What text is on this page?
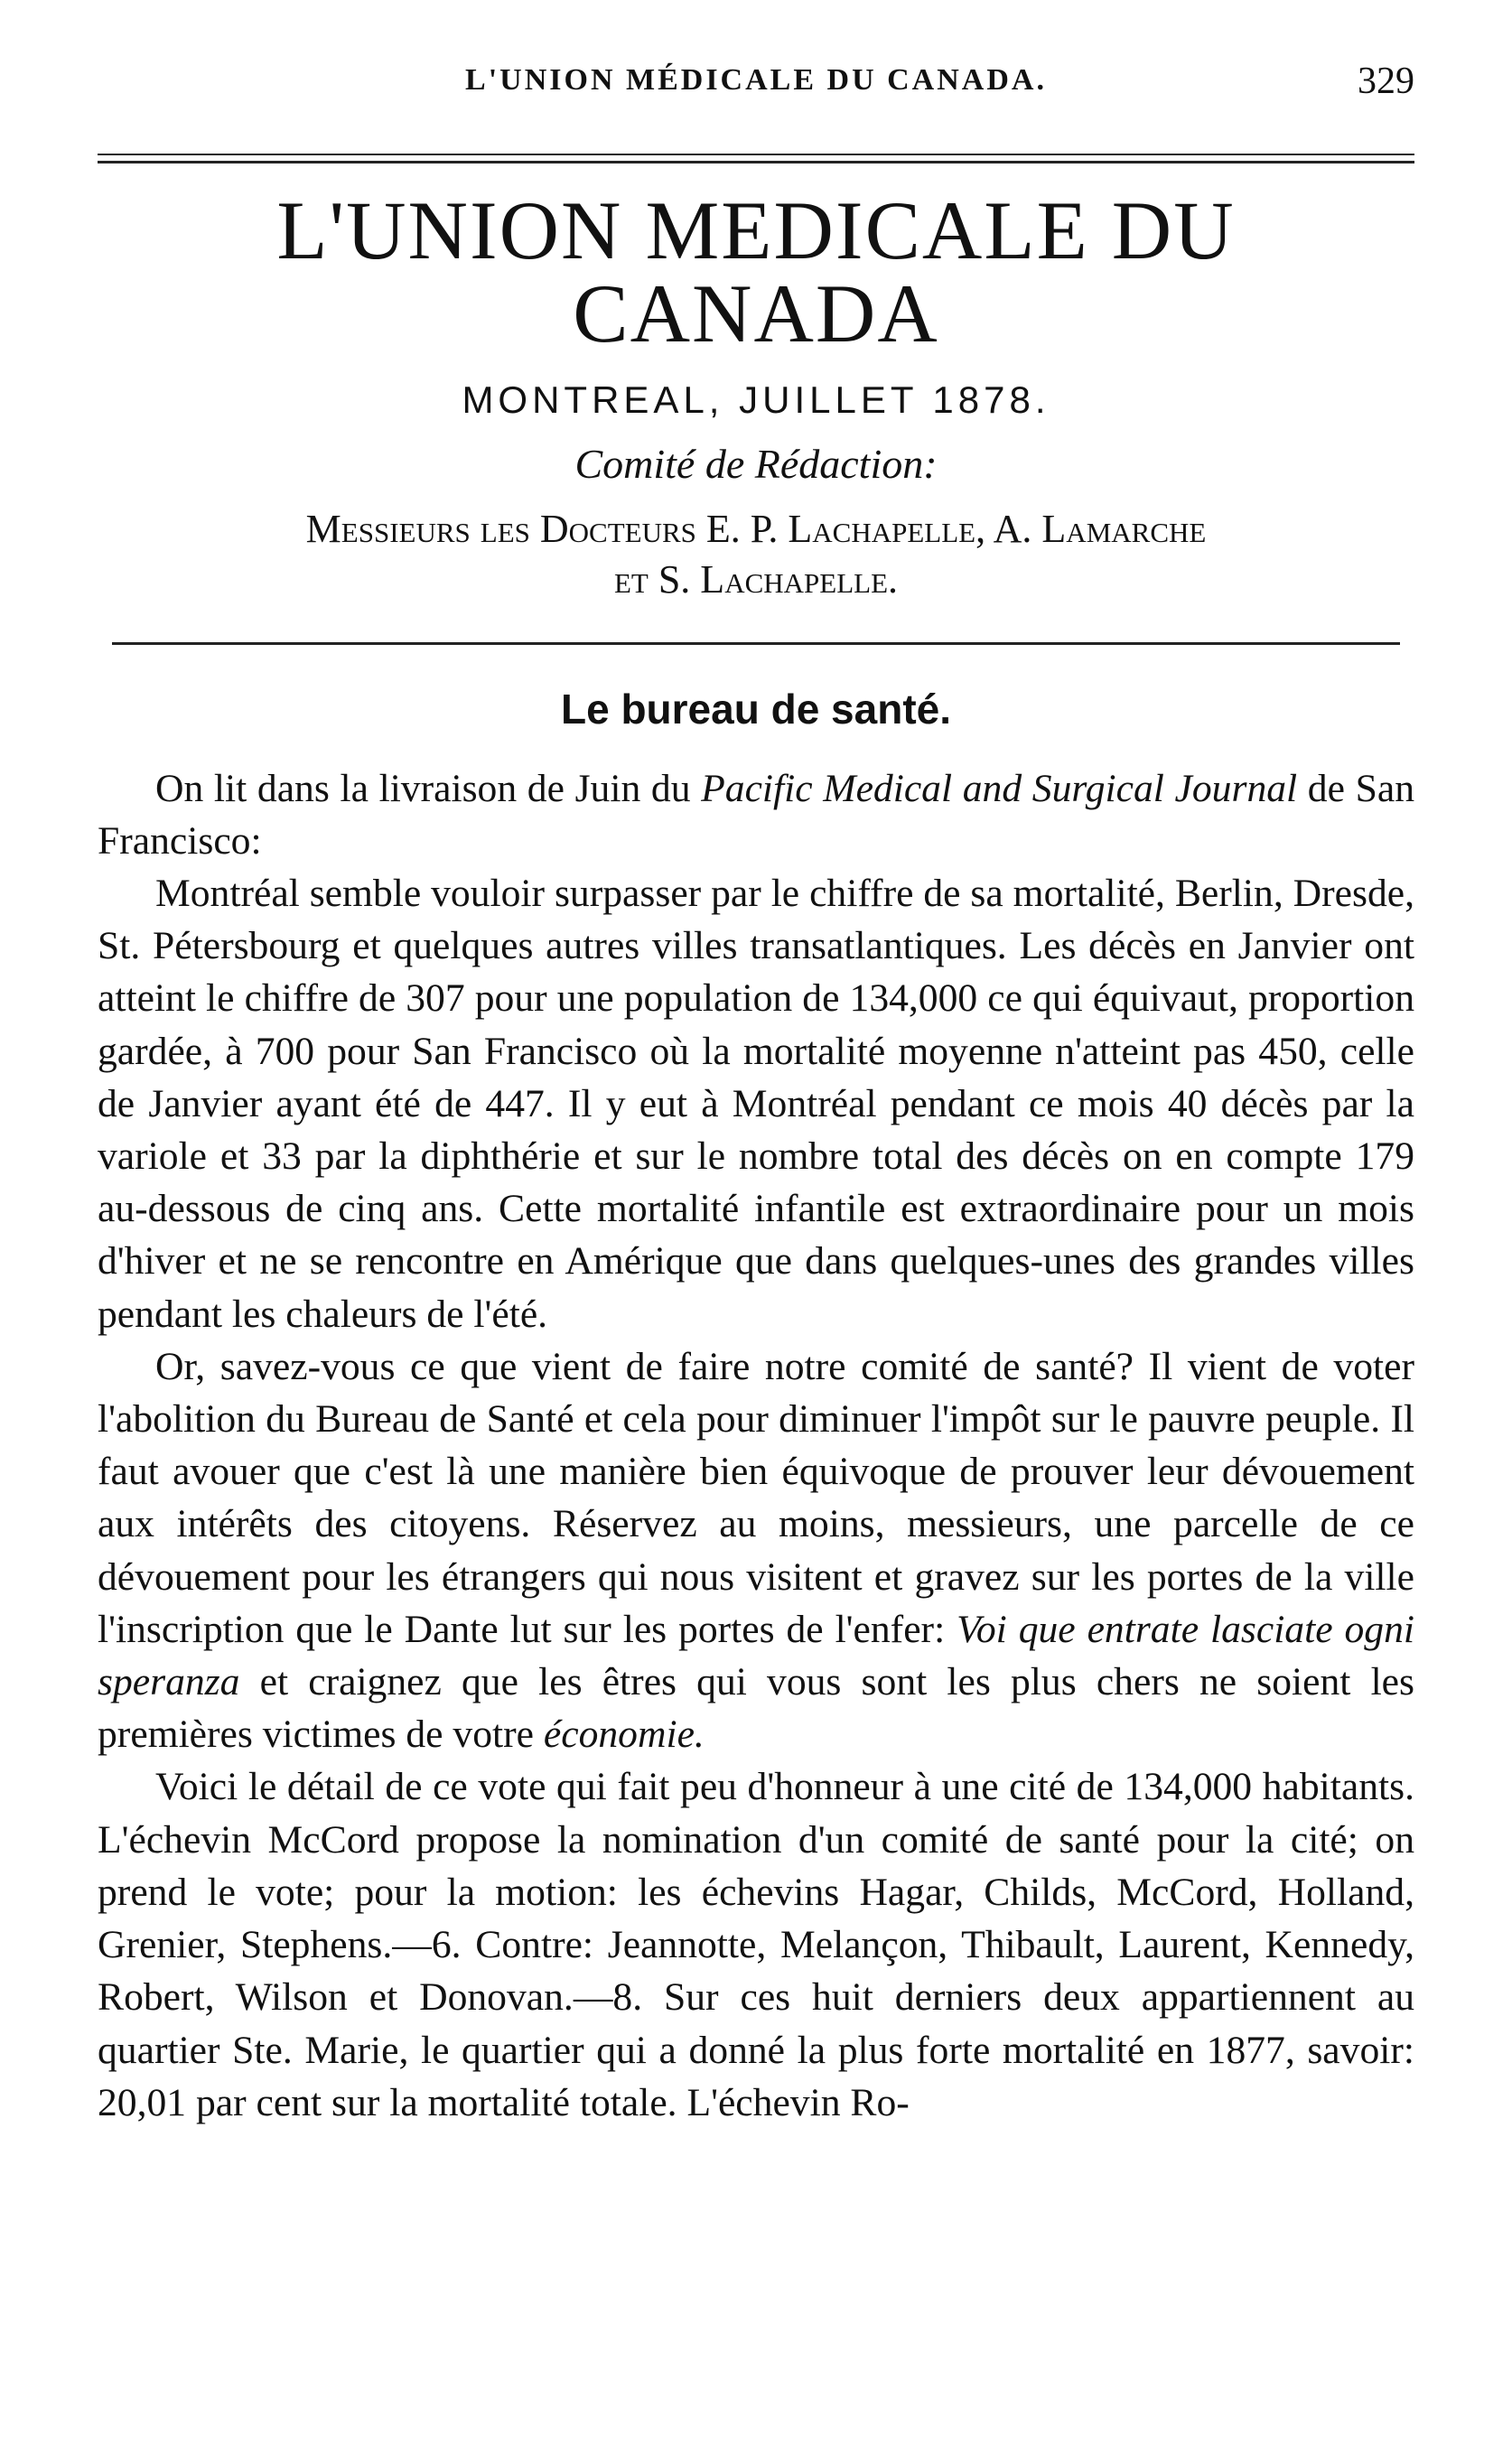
L'UNION MÉDICALE DU CANADA.	329
L'UNION MEDICALE DU CANADA
MONTREAL, JUILLET 1878.
Comité de Rédaction:
Messieurs les Docteurs E. P. Lachapelle, A. Lamarche
et S. Lachapelle.
Le bureau de santé.

On lit dans la livraison de Juin du Pacific Medical and Surgical Journal de San Francisco:

Montréal semble vouloir surpasser par le chiffre de sa mortalité, Berlin, Dresde, St. Pétersbourg et quelques autres villes transatlantiques. Les décès en Janvier ont atteint le chiffre de 307 pour une population de 134,000 ce qui équivaut, proportion gardée, à 700 pour San Francisco où la mortalité moyenne n'atteint pas 450, celle de Janvier ayant été de 447. Il y eut à Montréal pendant ce mois 40 décès par la variole et 33 par la diphthérie et sur le nombre total des décès on en compte 179 au-dessous de cinq ans. Cette mortalité infantile est extraordinaire pour un mois d'hiver et ne se rencontre en Amérique que dans quelques-unes des grandes villes pendant les chaleurs de l'été.

Or, savez-vous ce que vient de faire notre comité de santé? Il vient de voter l'abolition du Bureau de Santé et cela pour diminuer l'impôt sur le pauvre peuple. Il faut avouer que c'est là une manière bien équivoque de prouver leur dévouement aux intérêts des citoyens. Réservez au moins, messieurs, une parcelle de ce dévouement pour les étrangers qui nous visitent et gravez sur les portes de la ville l'inscription que le Dante lut sur les portes de l'enfer: Voi que entrate lasciate ogni speranza et craignez que les êtres qui vous sont les plus chers ne soient les premières victimes de votre économie.

Voici le détail de ce vote qui fait peu d'honneur à une cité de 134,000 habitants. L'échevin McCord propose la nomination d'un comité de santé pour la cité; on prend le vote; pour la motion: les échevins Hagar, Childs, McCord, Holland, Grenier, Stephens.—6. Contre: Jeannotte, Melançon, Thibault, Laurent, Kennedy, Robert, Wilson et Donovan.—8. Sur ces huit derniers deux appartiennent au quartier Ste. Marie, le quartier qui a donné la plus forte mortalité en 1877, savoir: 20,01 par cent sur la mortalité totale. L'échevin Ro-
